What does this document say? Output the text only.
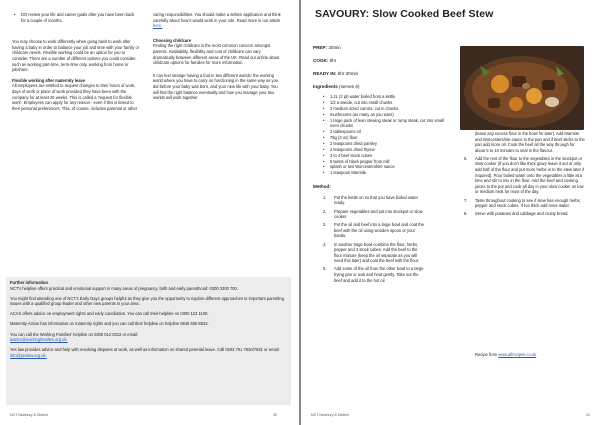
• DO review your life and career goals after you have been back for a couple of months.

You may choose to work differently when going back to work after having a baby in order to balance your job and time with your family or childcare needs. Flexible working could be an option for you to consider. There are a number of different options you could consider, such as working part-time, term-time only, working from home or jobshare.

Flexible working after maternity leave

All employees are entitled to request changes to their hours of work, days of work or place of work provided they have been with the company for at least 26 weeks. This is called a 'request for flexible work'. Employees can apply for any reason - even if this is linked to their personal preferences. This, of course, includes parental or other

caring responsibilities. You should make a written application and think carefully about how it would work in your role. Read more in our article here.

Choosing childcare

Finding the right childcare is the most common concern amongst parents. Availability, flexibility and cost of childcare can vary dramatically between different areas of the UK. Read our article about childcare options for families for more information.

It can feel strange having a foot in two different worlds: the working world where you have to carry on functioning in the same way as you did before your baby was born, and your new life with your baby. You will find the right balance eventually and how you manage your two worlds will work together.

Further information

NCT's helpline offers practical and emotional support in many areas of pregnancy, birth and early parenthood: 0300 3300 700.

You might find attending one of NCT's Early Days groups helpful as they give you the opportunity to explore different approaches to important parenting issues with a qualified group leader and other new parents in your area.

ACAS offers advice on employment rights and early conciliation. You can call their helpline on 0300 123 1100.

Maternity Action has information on maternity rights and you can call their helpline on helpline 0845 600 8533.

You can call the Working Families' helpline on 0300 012 0312 or email:
advice@workingfamilies.org.uk.

Yes law provides advice and help with resolving disputes at work, as well as information on shared parental leave. Call 0203 701 7530/7531 or email info@yeslaw.org.uk.

NCT Newbury & District	30
SAVOURY: Slow Cooked Beef Stew
PREP: 30min
COOK: 5hr
READY IN: 5hr 30min
Ingredients (serves 6)
• 1.2L (2 pt) water boiled from a kettle
• 1/2 a swede, cut into small chunks
• 3 medium sized carrots, cut in chunks
• mushrooms (as many as you want)
• 1 large pack of lean stewing steak or rump steak, cut into small even chunks
• 2 tablespoons oil
• 75g (3 oz) flour
• 2 teaspoons dried parsley
• 2 teaspoons dried thyme
• 3 to 4 beef stock cubes
• 5 twists of black pepper from mill
• splash or two Worcestershire sauce
• 1 teaspoon Marmite
Method:
1. Put the kettle on so that you have boiled water ready.
2. Prepare vegetables and put into stockpot or slow cooker.
3. Put the oil and beef into a large bowl and coat the beef with the oil using wooden spoon or your hands.
4. In another large bowl combine the flour, herbs, pepper and 3 stock cubes. Add the beef to the flour mixture (keep the oil separate as you will need this later) and coat the beef with the flour.
5. Add some of the oil from the other bowl to a large frying pan or wok and heat gently. Take out the beef and add it to the hot oil

(leave any excess flour in the bowl for later). Add Marmite and Worcestershire sauce to the pan and if beef sticks to the pan add more oil. Cook the beef all the way through for about 5 to 10 minutes to seal in the flavour.

6. Add the rest of the flour to the vegetables in the stockpot or slow cooker (if you don't like thick gravy leave it out or only add half of the flour and put more herbs in to the stew later if required). Pour boiled water onto the vegetables a little at a time and stir to mix in the flour. Add the beef and cooking juices to the pot and cook all day in your slow cooker on low or medium heat for most of the day.
7. Taste throughout cooking to see if stew has enough herbs, pepper and stock cubes. If too thick add more water.
8. Serve with potatoes and cabbage and crusty bread.
Recipe from www.allrecipes.co.uk
NCT Newbury & District	31
